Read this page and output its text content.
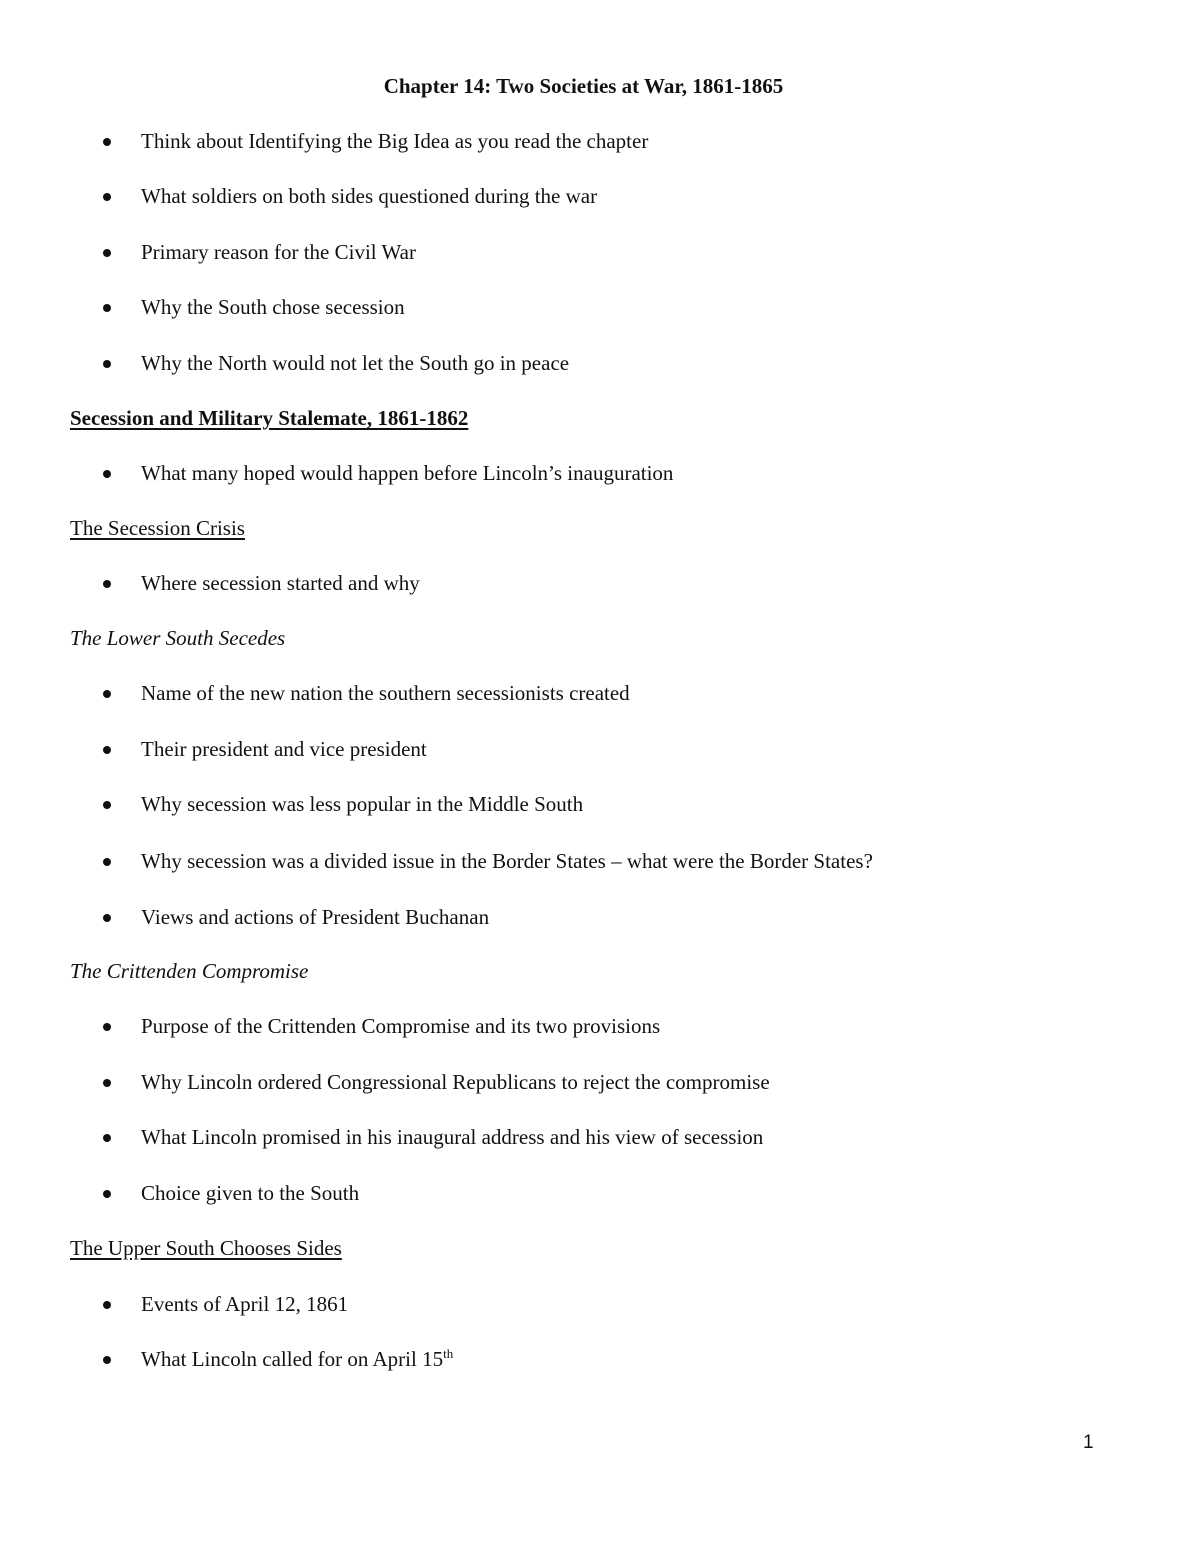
Chapter 14: Two Societies at War, 1861-1865
Think about Identifying the Big Idea as you read the chapter
What soldiers on both sides questioned during the war
Primary reason for the Civil War
Why the South chose secession
Why the North would not let the South go in peace
Secession and Military Stalemate, 1861-1862
What many hoped would happen before Lincoln’s inauguration
The Secession Crisis
Where secession started and why
The Lower South Secedes
Name of the new nation the southern secessionists created
Their president and vice president
Why secession was less popular in the Middle South
Why secession was a divided issue in the Border States – what were the Border States?
Views and actions of President Buchanan
The Crittenden Compromise
Purpose of the Crittenden Compromise and its two provisions
Why Lincoln ordered Congressional Republicans to reject the compromise
What Lincoln promised in his inaugural address and his view of secession
Choice given to the South
The Upper South Chooses Sides
Events of April 12, 1861
What Lincoln called for on April 15th
1
